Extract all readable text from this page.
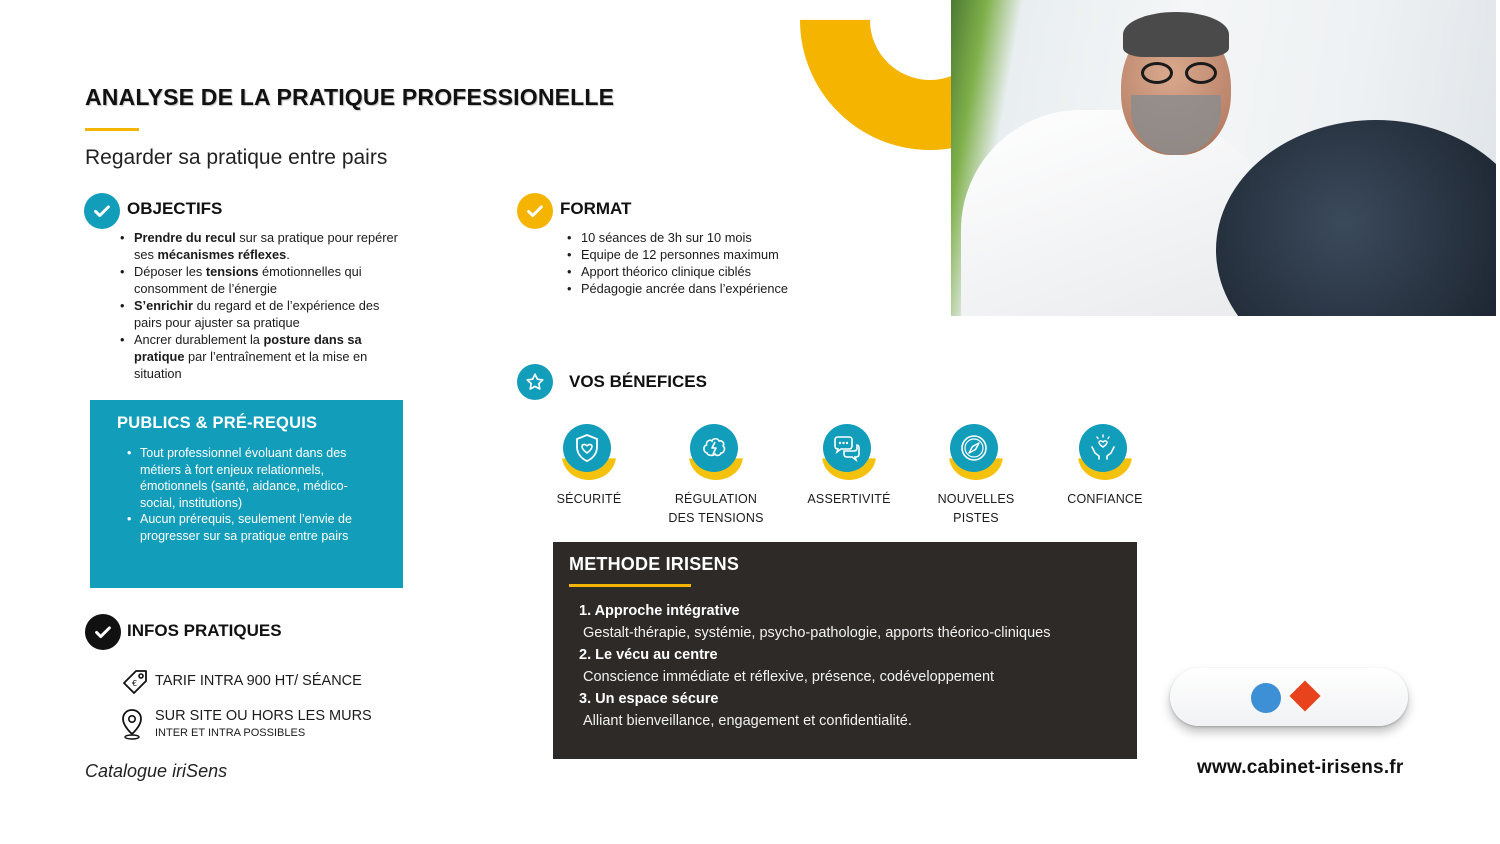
ANALYSE DE LA PRATIQUE PROFESSIONELLE
Regarder sa pratique entre pairs
OBJECTIFS
• Prendre du recul sur sa pratique pour repérer ses mécanismes réflexes.
• Déposer les tensions émotionnelles qui consomment de l’énergie
• S’enrichir du regard et de l’expérience des pairs pour ajuster sa pratique
• Ancrer durablement la posture dans sa pratique par l’entraînement et la mise en situation
FORMAT
• 10 séances de 3h sur 10 mois
• Equipe de 12 personnes maximum
• Apport théorico clinique ciblés
• Pédagogie ancrée dans l’expérience
PUBLICS & PRÉ-REQUIS
• Tout professionnel évoluant dans des métiers à fort enjeux relationnels, émotionnels (santé, aidance, médico-social, institutions)
• Aucun prérequis, seulement l’envie de progresser sur sa pratique entre pairs
INFOS PRATIQUES
€ TARIF INTRA 900 HT/ SÉANCE
SUR SITE OU HORS LES MURS
INTER ET INTRA POSSIBLES
VOS BÉNEFICES
SÉCURITÉ	RÉGULATION
DES TENSIONS
ASSERTIVITÉ	NOUVELLES
PISTES
CONFIANCE
METHODE IRISENS
1. Approche intégrative
Gestalt-thérapie, systémie, psycho-pathologie, apports théorico-cliniques
2. Le vécu au centre
Conscience immédiate et réflexive, présence, codéveloppement
3. Un espace sécure
Alliant bienveillance, engagement et confidentialité.
www.cabinet-irisens.fr
Catalogue iriSens
